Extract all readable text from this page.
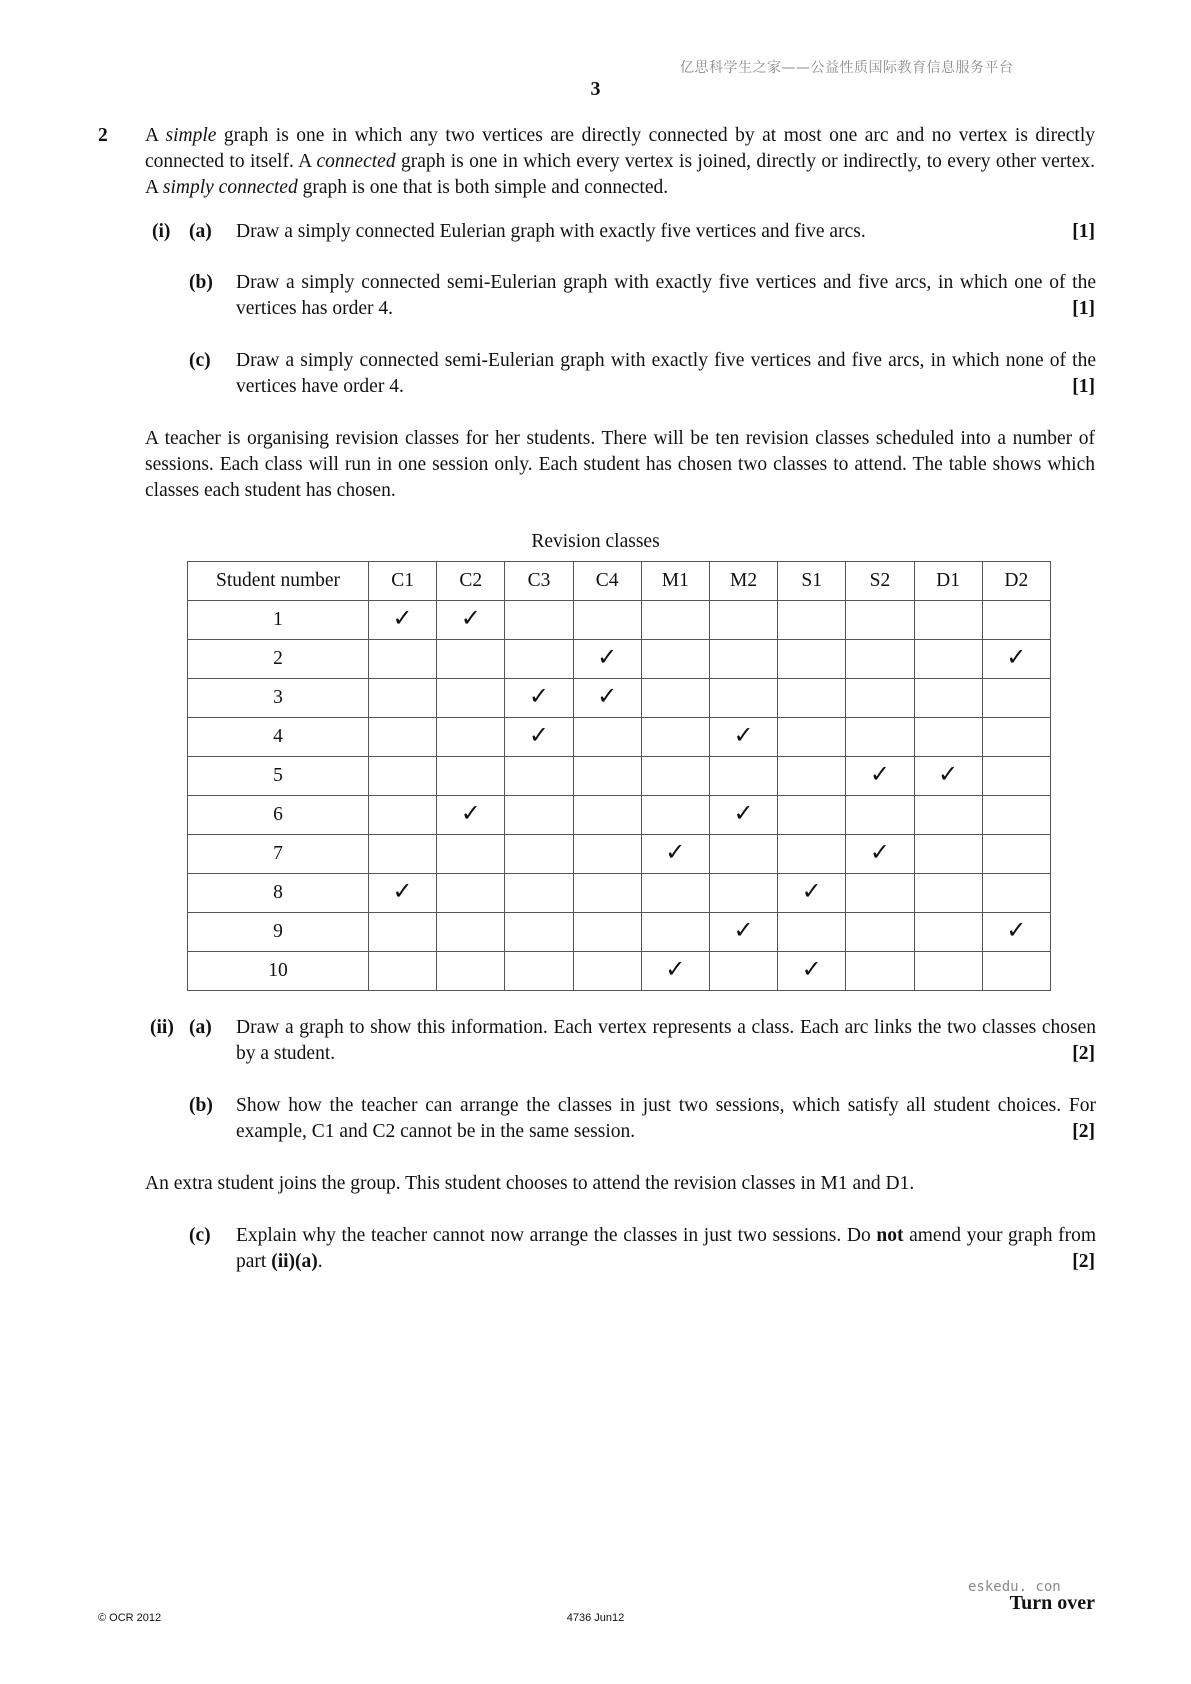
亿思科学生之家——公益性质国际教育信息服务平台
3
2 A simple graph is one in which any two vertices are directly connected by at most one arc and no vertex is directly connected to itself. A connected graph is one in which every vertex is joined, directly or indirectly, to every other vertex. A simply connected graph is one that is both simple and connected.

(i) (a) Draw a simply connected Eulerian graph with exactly five vertices and five arcs.	[1]
(b) Draw a simply connected semi-Eulerian graph with exactly five vertices and five arcs, in which one of the vertices has order 4.	[1]
(c) Draw a simply connected semi-Eulerian graph with exactly five vertices and five arcs, in which none of the vertices have order 4.	[1]
A teacher is organising revision classes for her students. There will be ten revision classes scheduled into a number of sessions. Each class will run in one session only. Each student has chosen two classes to attend. The table shows which classes each student has chosen.
Revision classes
Student number	C1	C2	C3	C4	M1	M2	S1	S2	D1	D2
1	✓	✓								
2				✓						✓
3			✓	✓						
4			✓			✓				
5								✓	✓	
6		✓				✓				
7					✓			✓		
8	✓						✓			
9						✓				✓
10					✓		✓			
(ii) (a) Draw a graph to show this information. Each vertex represents a class. Each arc links the two classes chosen by a student.	[2]
(b) Show how the teacher can arrange the classes in just two sessions, which satisfy all student choices. For example, C1 and C2 cannot be in the same session.	[2]
An extra student joins the group. This student chooses to attend the revision classes in M1 and D1.
(c) Explain why the teacher cannot now arrange the classes in just two sessions. Do not amend your graph from part (ii)(a).	[2]
eskedu. con
© OCR 2012	4736 Jun12
Turn over
